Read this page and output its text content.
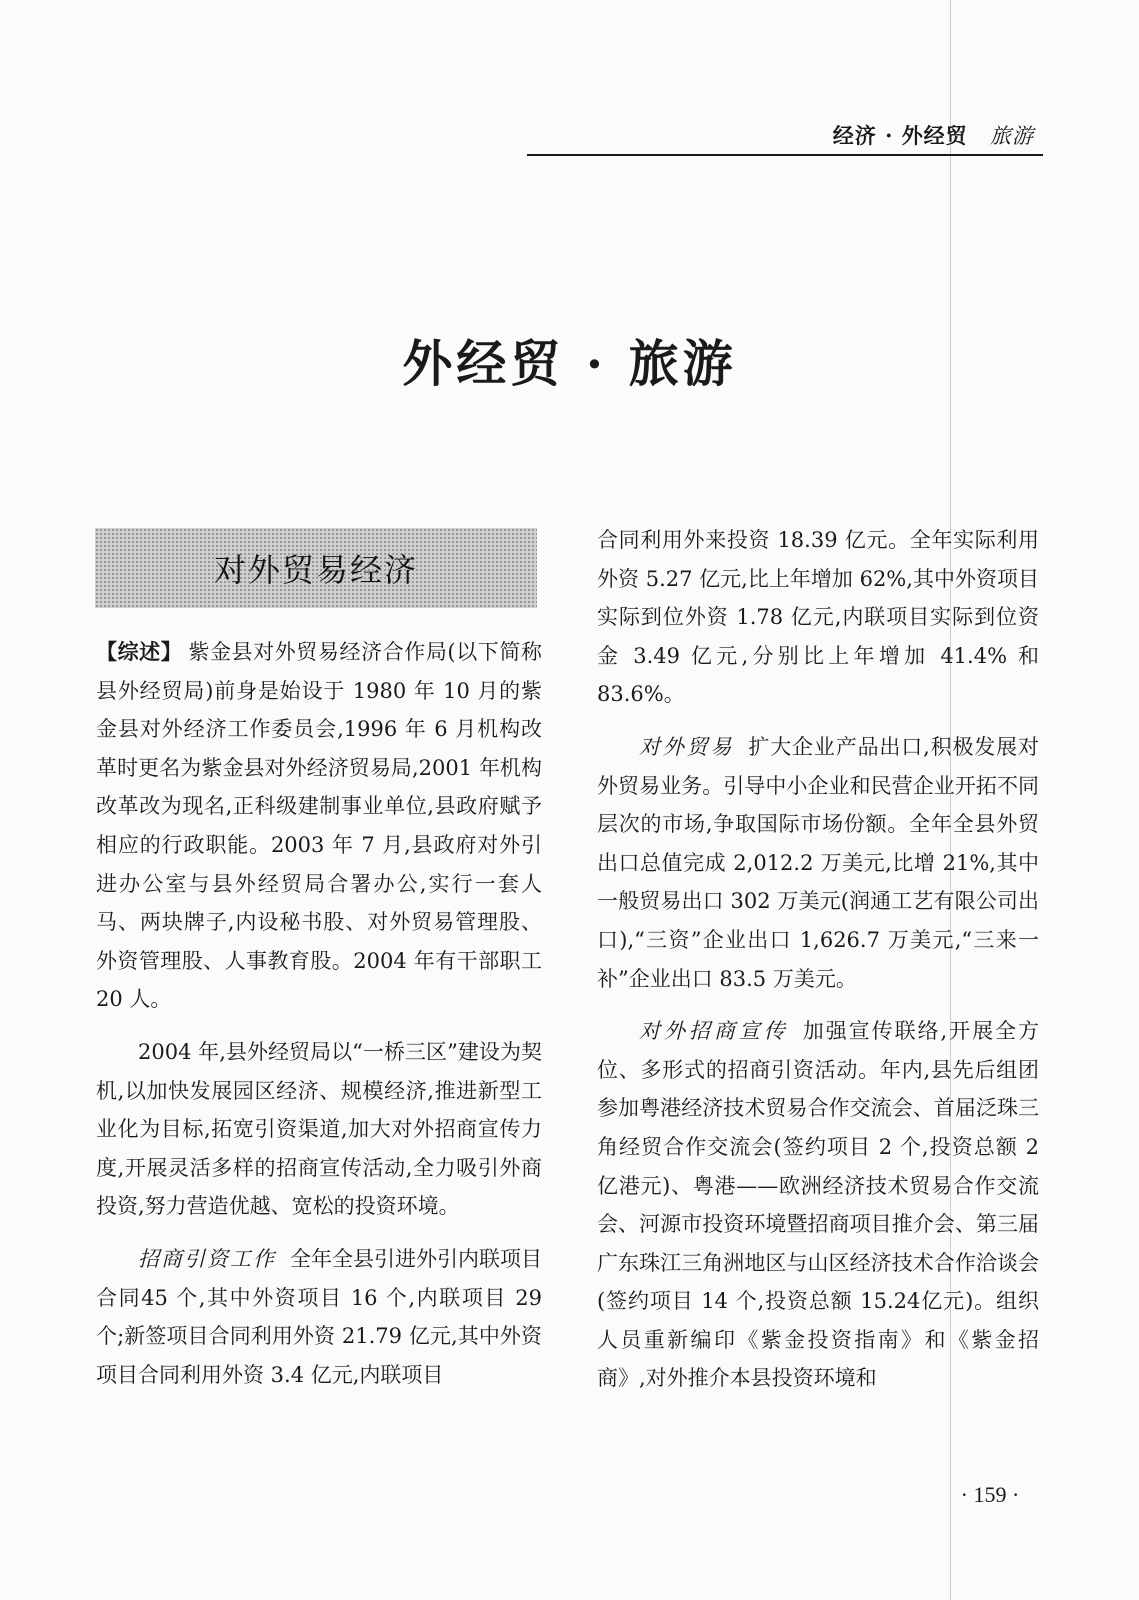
经济 · 外经贸 旅游
外经贸 · 旅游
对外贸易经济

【综述】 紫金县对外贸易经济合作局(以下简称县外经贸局)前身是始设于 1980 年 10 月的紫金县对外经济工作委员会,1996 年 6 月机构改革时更名为紫金县对外经济贸易局,2001 年机构改革改为现名,正科级建制事业单位,县政府赋予相应的行政职能。2003 年 7 月,县政府对外引进办公室与县外经贸局合署办公,实行一套人马、两块牌子,内设秘书股、对外贸易管理股、外资管理股、人事教育股。2004 年有干部职工 20 人。

2004 年,县外经贸局以“一桥三区”建设为契机,以加快发展园区经济、规模经济,推进新型工业化为目标,拓宽引资渠道,加大对外招商宣传力度,开展灵活多样的招商宣传活动,全力吸引外商投资,努力营造优越、宽松的投资环境。

招商引资工作 全年全县引进外引内联项目合同45 个,其中外资项目 16 个,内联项目 29 个;新签项目合同利用外资 21.79 亿元,其中外资项目合同利用外资 3.4 亿元,内联项目

合同利用外来投资 18.39 亿元。全年实际利用外资 5.27 亿元,比上年增加 62%,其中外资项目实际到位外资 1.78 亿元,内联项目实际到位资金 3.49 亿元,分别比上年增加 41.4% 和 83.6%。

对外贸易 扩大企业产品出口,积极发展对外贸易业务。引导中小企业和民营企业开拓不同层次的市场,争取国际市场份额。全年全县外贸出口总值完成 2,012.2 万美元,比增 21%,其中一般贸易出口 302 万美元(润通工艺有限公司出口),“三资”企业出口 1,626.7 万美元,“三来一补”企业出口 83.5 万美元。

对外招商宣传 加强宣传联络,开展全方位、多形式的招商引资活动。年内,县先后组团参加粤港经济技术贸易合作交流会、首届泛珠三角经贸合作交流会(签约项目 2 个,投资总额 2 亿港元)、粤港——欧洲经济技术贸易合作交流会、河源市投资环境暨招商项目推介会、第三届广东珠江三角洲地区与山区经济技术合作洽谈会(签约项目 14 个,投资总额 15.24亿元)。组织人员重新编印《紫金投资指南》和《紫金招商》,对外推介本县投资环境和

· 159 ·
